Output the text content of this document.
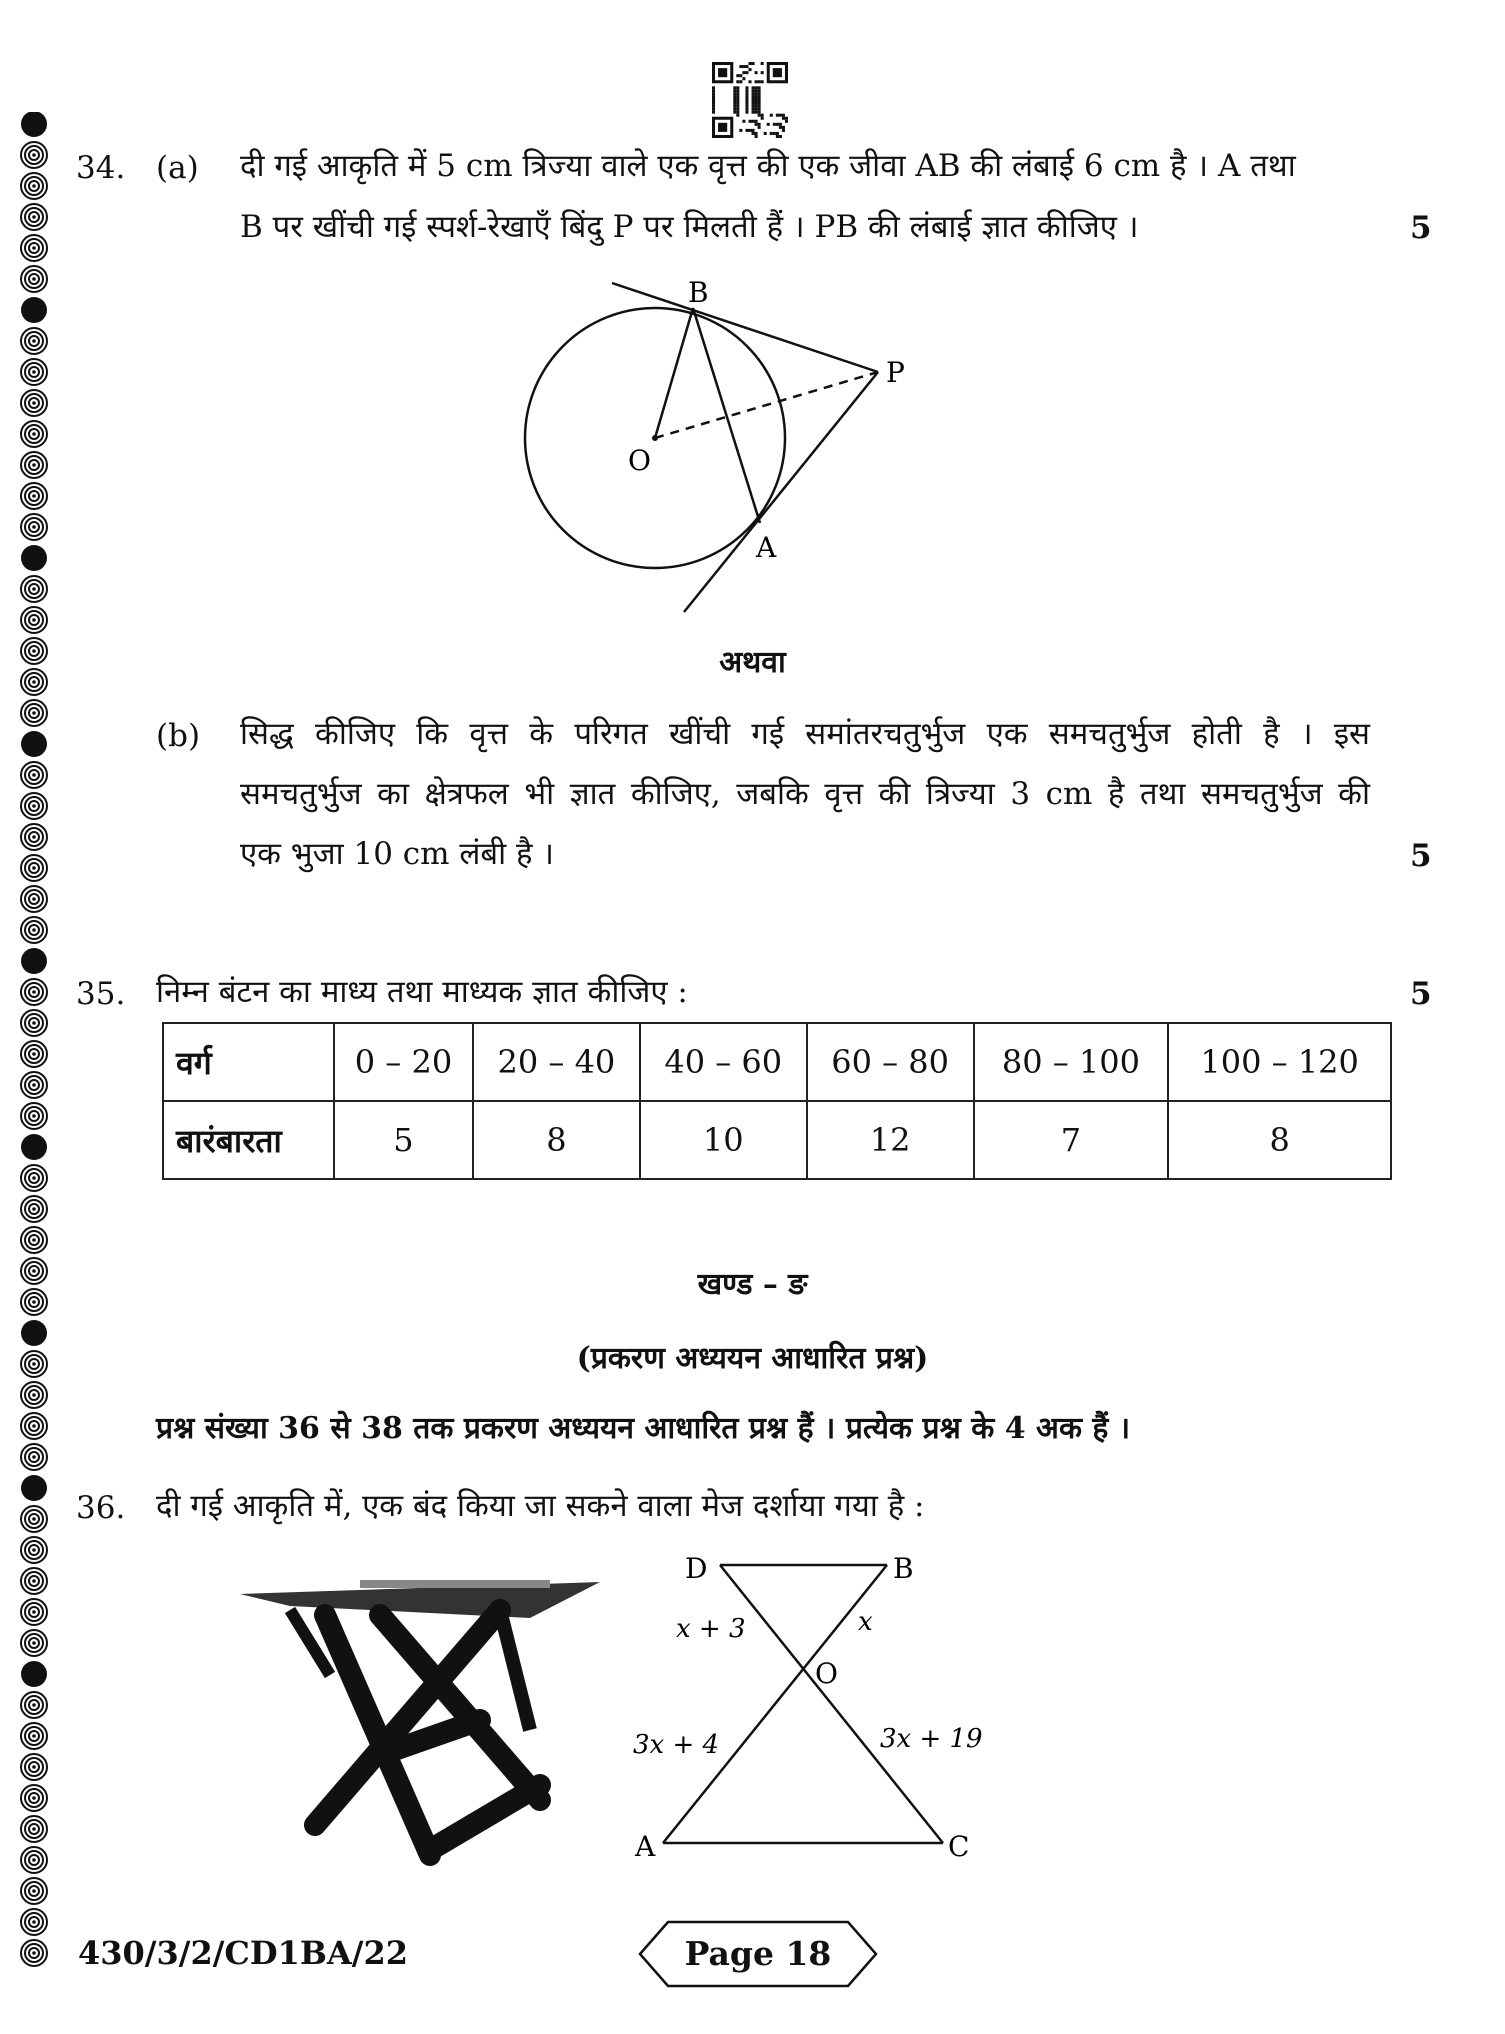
34. (a) दी गई आकृति में 5 cm त्रिज्या वाले एक वृत्त की एक जीवा AB की लंबाई 6 cm है । A तथा
B पर खींची गई स्पर्श-रेखाएँ बिंदु P पर मिलती हैं । PB की लंबाई ज्ञात कीजिए ।	5
B
P
O
A
अथवा
(b) सिद्ध कीजिए कि वृत्त के परिगत खींची गई समांतरचतुर्भुज एक समचतुर्भुज होती है । इस
समचतुर्भुज का क्षेत्रफल भी ज्ञात कीजिए, जबकि वृत्त की त्रिज्या 3 cm है तथा समचतुर्भुज की
एक भुजा 10 cm लंबी है ।	5
35. निम्न बंटन का माध्य तथा माध्यक ज्ञात कीजिए :	5
वर्ग	0 – 20	20 – 40	40 – 60	60 – 80	80 – 100	100 – 120
बारंबारता	5	8	10	12	7	8
खण्ड – ङ
(प्रकरण अध्ययन आधारित प्रश्न)
प्रश्न संख्या 36 से 38 तक प्रकरण अध्ययन आधारित प्रश्न हैं । प्रत्येक प्रश्न के 4 अक हैं ।
36. दी गई आकृति में, एक बंद किया जा सकने वाला मेज दर्शाया गया है :
D	B
O
A	C
x + 3	x
3x + 4	3x + 19
430/3/2/CD1BA/22	Page 18
